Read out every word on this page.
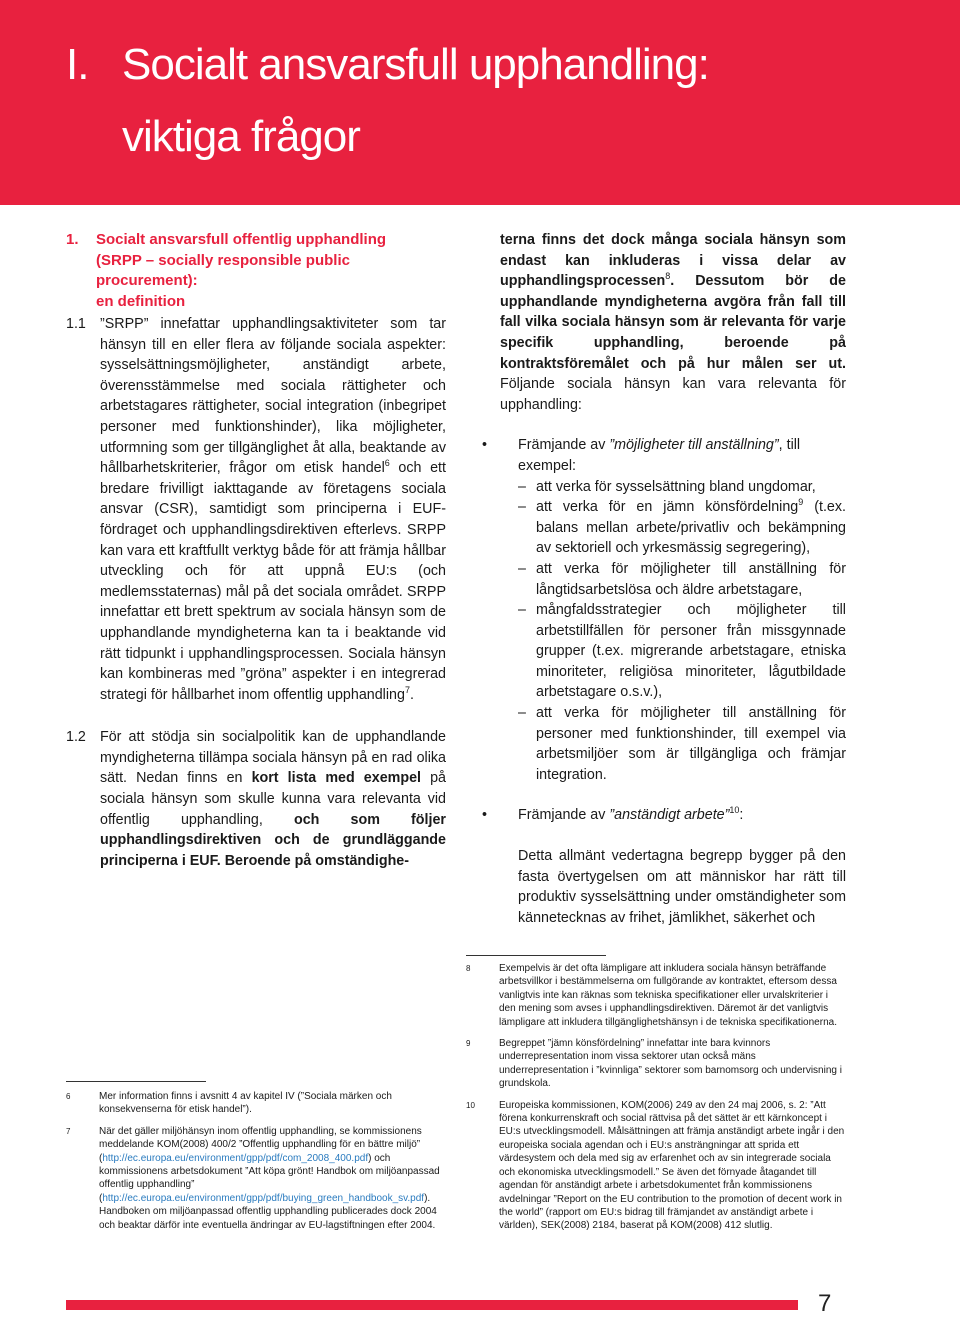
I. Socialt ansvarsfull upphandling:
viktiga frågor
1. Socialt ansvarsfull offentlig upphandling
(SRPP – socially responsible public procurement):
en definition
1.1 ”SRPP” innefattar upphandlingsaktiviteter som tar hänsyn till en eller flera av följande sociala aspekter: sysselsättningsmöjligheter, anständigt arbete, överensstämmelse med sociala rättigheter och arbetstagares rättigheter, social integration (inbegripet personer med funktionshinder), lika möjligheter, utformning som ger tillgänglighet åt alla, beaktande av hållbarhetskriterier, frågor om etisk handel$^6$ och ett bredare frivilligt iakttagande av företagens sociala ansvar (CSR), samtidigt som principerna i EUF-fördraget och upphandlingsdirektiven efterlevs. SRPP kan vara ett kraftfullt verktyg både för att främja hållbar utveckling och för att uppnå EU:s (och medlemsstaternas) mål på det sociala området. SRPP innefattar ett brett spektrum av sociala hänsyn som de upphandlande myndigheterna kan ta i beaktande vid rätt tidpunkt i upphandlingsprocessen. Sociala hänsyn kan kombineras med ”gröna” aspekter i en integrerad strategi för hållbarhet inom offentlig upphandling$^7$.
1.2 För att stödja sin socialpolitik kan de upphandlande myndigheterna tillämpa sociala hänsyn på en rad olika sätt. Nedan finns en kort lista med exempel på sociala hänsyn som skulle kunna vara relevanta vid offentlig upphandling, och som följer upphandlingsdirektiven och de grundläggande principerna i EUF. Beroende på omständighe-
terna finns det dock många sociala hänsyn som endast kan inkluderas i vissa delar av upphandlingsprocessen$^8$. Dessutom bör de upphandlande myndigheterna avgöra från fall till fall vilka sociala hänsyn som är relevanta för varje specifik upphandling, beroende på kontraktsföremålet och på hur målen ser ut. Följande sociala hänsyn kan vara relevanta för upphandling:
• Främjande av ”möjligheter till anställning”, till exempel:
– att verka för sysselsättning bland ungdomar,
– att verka för en jämn könsfördelning$^9$ (t.ex. balans mellan arbete/privatliv och bekämpning av sektoriell och yrkesmässig segregering),
– att verka för möjligheter till anställning för långtidsarbetslösa och äldre arbetstagare,
– mångfaldsstrategier och möjligheter till arbetstillfällen för personer från missgynnade grupper (t.ex. migrerande arbetstagare, etniska minoriteter, religiösa minoriteter, lågutbildade arbetstagare o.s.v.),
– att verka för möjligheter till anställning för personer med funktionshinder, till exempel via arbetsmiljöer som är tillgängliga och främjar integration.
• Främjande av ”anständigt arbete”$^{10}$:
Detta allmänt vedertagna begrepp bygger på den fasta övertygelsen om att människor har rätt till produktiv sysselsättning under omständigheter som kännetecknas av frihet, jämlikhet, säkerhet och
6	Mer information finns i avsnitt 4 av kapitel IV (”Sociala märken och konsekvenserna för etisk handel”).
7	När det gäller miljöhänsyn inom offentlig upphandling, se kommissionens meddelande KOM(2008) 400/2 ”Offentlig upphandling för en bättre miljö” (http://ec.europa.eu/environment/gpp/pdf/com_2008_400.pdf) och kommissionens arbetsdokument ”Att köpa grönt! Handbok om miljöanpassad offentlig upphandling” (http://ec.europa.eu/environment/gpp/pdf/buying_green_handbook_sv.pdf). Handboken om miljöanpassad offentlig upphandling publicerades dock 2004 och beaktar därför inte eventuella ändringar av EU-lagstiftningen efter 2004.
8	Exempelvis är det ofta lämpligare att inkludera sociala hänsyn beträffande arbetsvillkor i bestämmelserna om fullgörande av kontraktet, eftersom dessa vanligtvis inte kan räknas som tekniska specifikationer eller urvalskriterier i den mening som avses i upphandlingsdirektiven. Däremot är det vanligtvis lämpligare att inkludera tillgänglighetshänsyn i de tekniska specifikationerna.
9	Begreppet ”jämn könsfördelning” innefattar inte bara kvinnors underrepresentation inom vissa sektorer utan också mäns underrepresentation i ”kvinnliga” sektorer som barnomsorg och undervisning i grundskola.
10 Europeiska kommissionen, KOM(2006) 249 av den 24 maj 2006, s. 2: ”Att förena konkurrenskraft och social rättvisa på det sättet är ett kärnkoncept i EU:s utvecklingsmodell. Målsättningen att främja anständigt arbete ingår i den europeiska sociala agendan och i EU:s ansträngningar att sprida ett värdesystem och dela med sig av erfarenhet och av sin integrerade sociala och ekonomiska utvecklingsmodell.” Se även det förnyade åtagandet till agendan för anständigt arbete i arbetsdokumentet från kommissionens avdelningar ”Report on the EU contribution to the promotion of decent work in the world” (rapport om EU:s bidrag till främjandet av anständigt arbete i världen), SEK(2008) 2184, baserat på KOM(2008) 412 slutlig.
7
